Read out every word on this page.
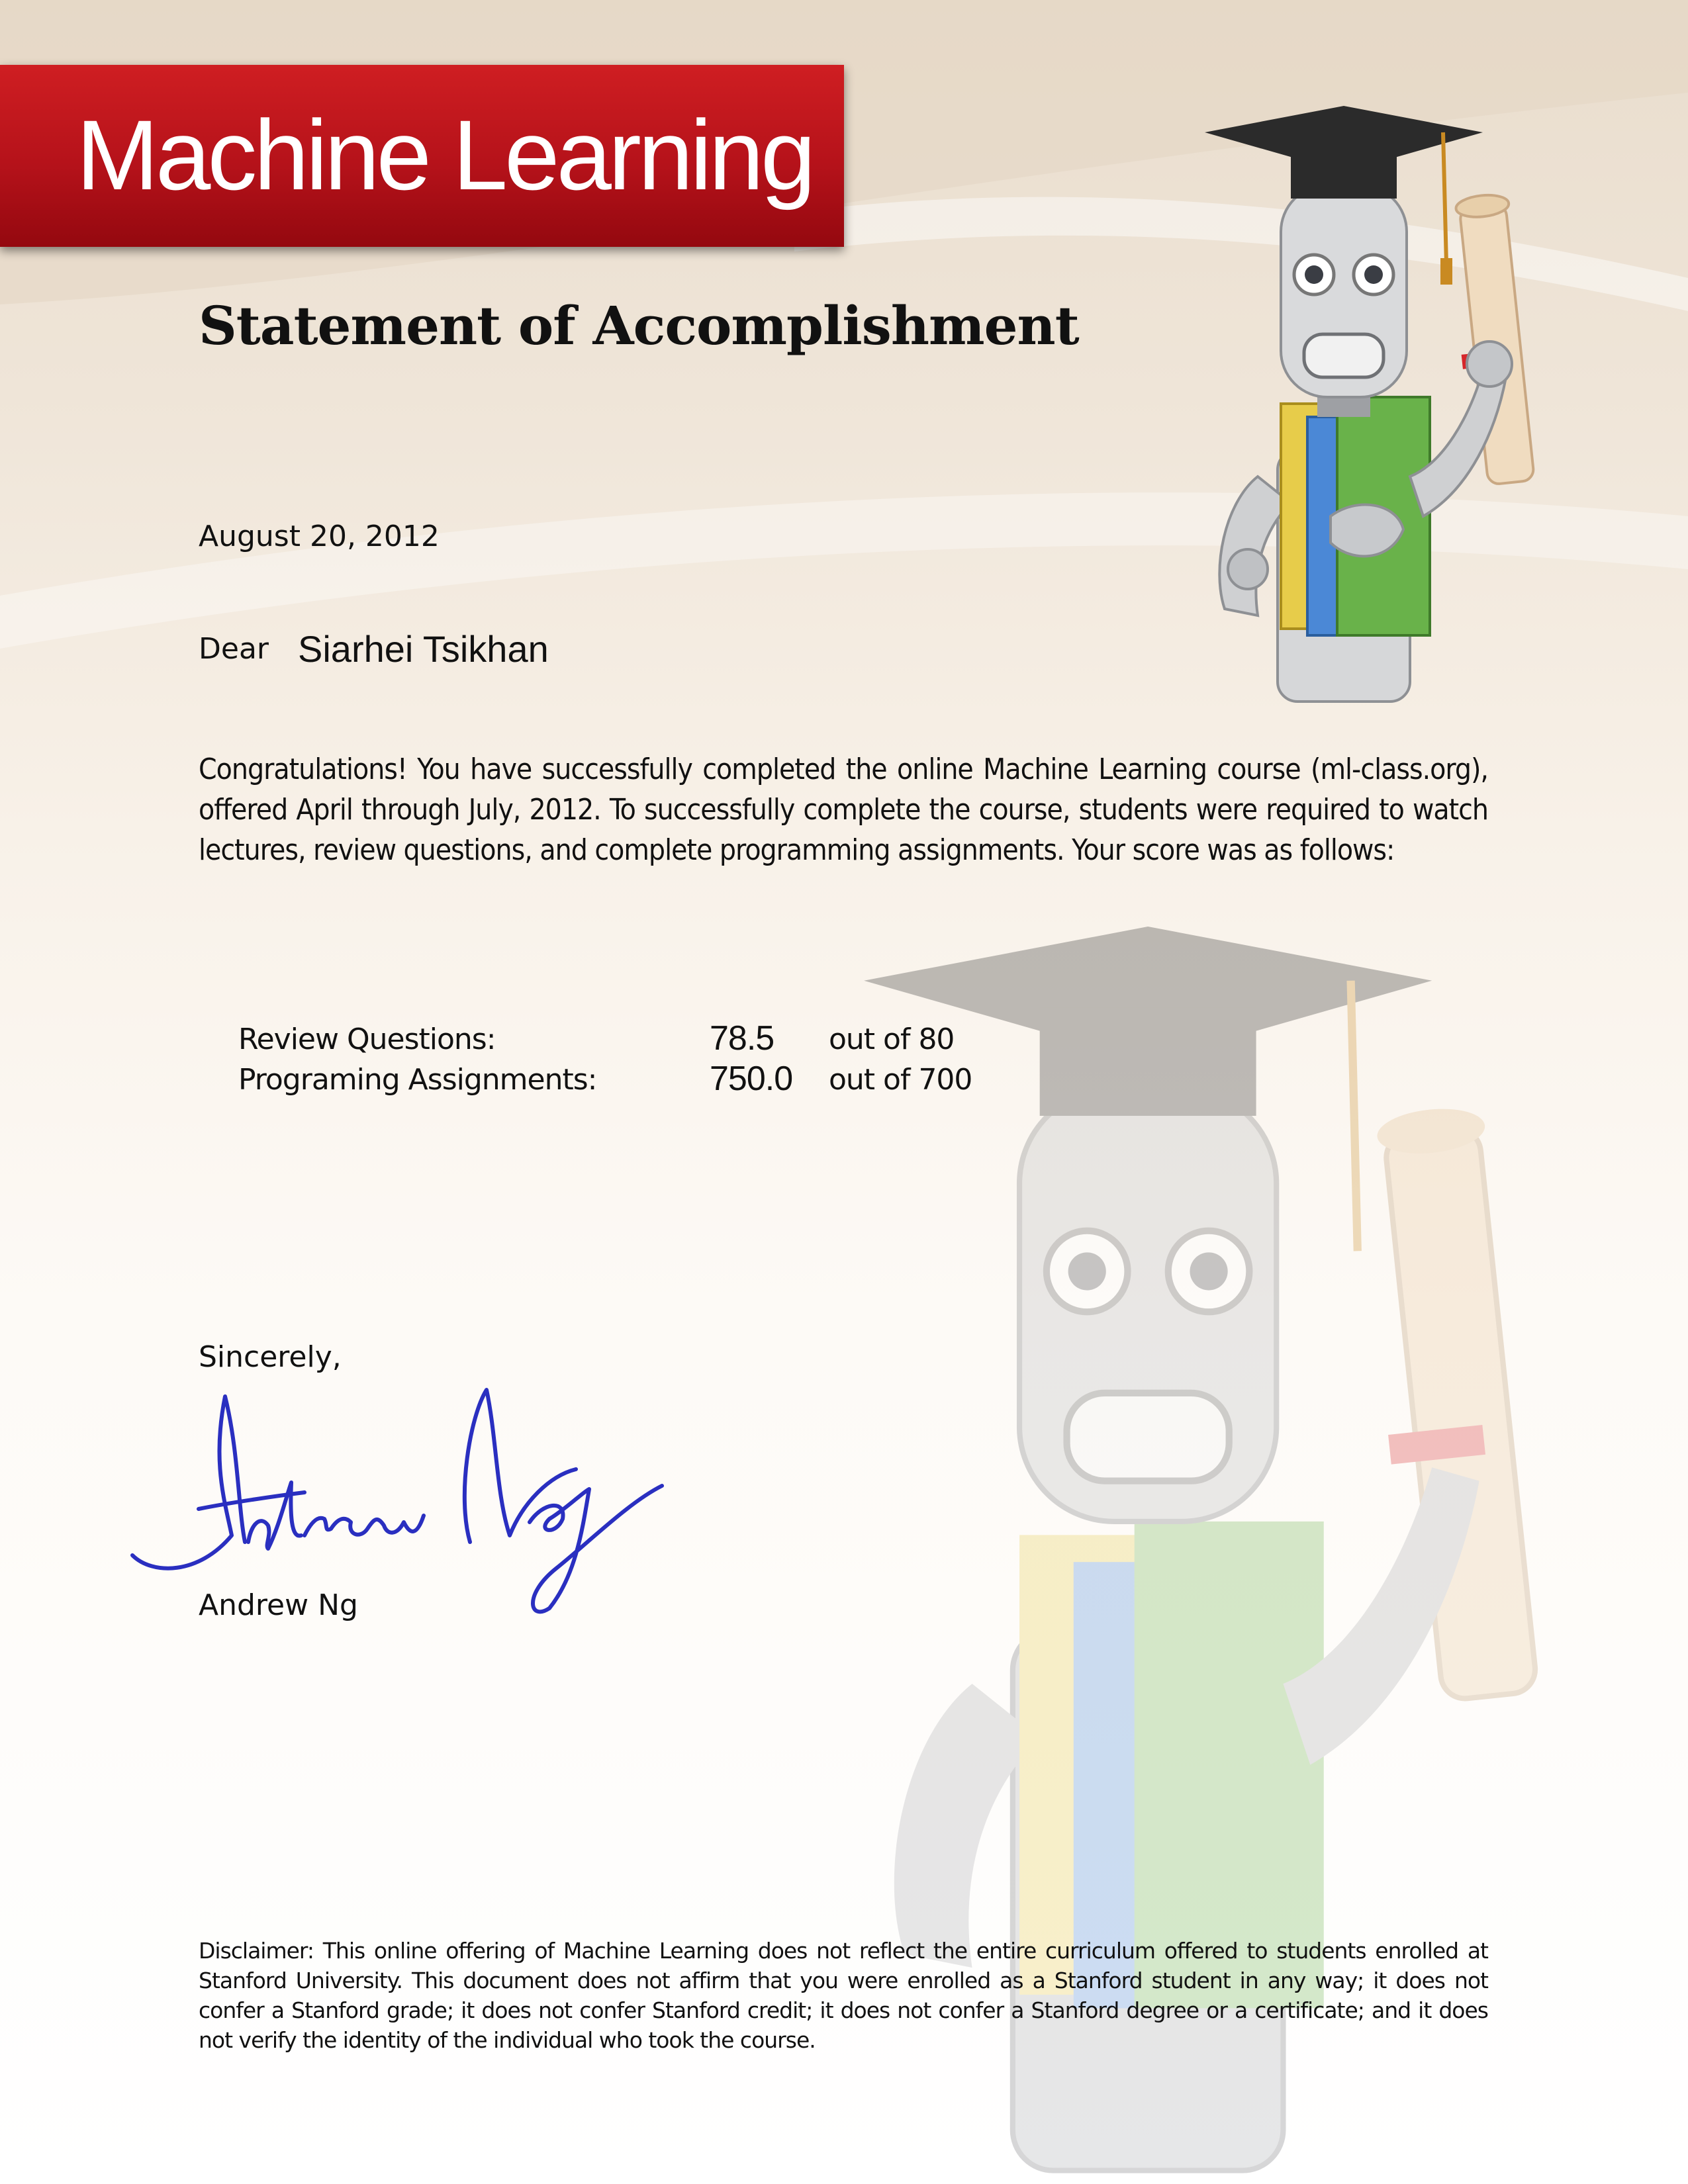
Machine Learning
Statement of Accomplishment
August 20, 2012
Dear Siarhei Tsikhan
Congratulations! You have successfully completed the online Machine Learning course (ml-class.org), offered April through July, 2012. To successfully complete the course, students were required to watch lectures, review questions, and complete programming assignments. Your score was as follows:
Review Questions:	78.5 out of 80
Programing Assignments:	750.0 out of 700
Sincerely,
Andrew Ng
Disclaimer: This online offering of Machine Learning does not reflect the entire curriculum offered to students enrolled at Stanford University. This document does not affirm that you were enrolled as a Stanford student in any way; it does not confer a Stanford grade; it does not confer Stanford credit; it does not confer a Stanford degree or a certificate; and it does not verify the identity of the individual who took the course.
